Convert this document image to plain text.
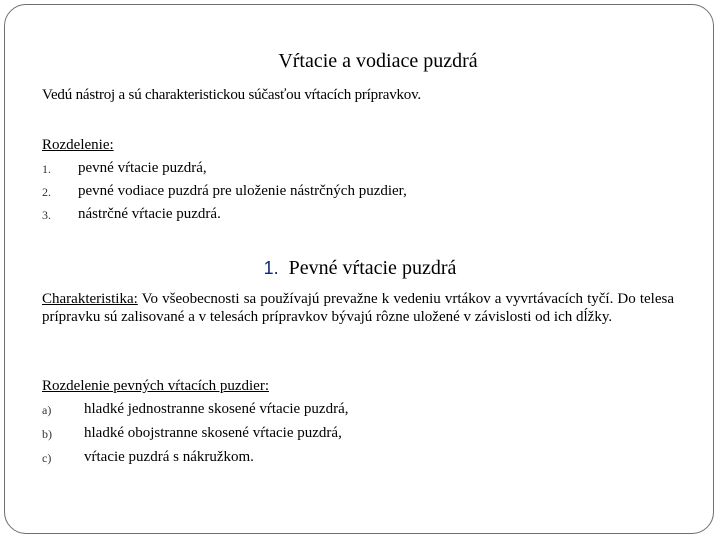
Vŕtacie a vodiace puzdrá
Vedú nástroj a sú charakteristickou súčasťou vŕtacích prípravkov.
Rozdelenie:
1.	pevné vŕtacie puzdrá,
2.	pevné vodiace puzdrá pre uloženie nástrčných puzdier,
3.	nástrčné vŕtacie puzdrá.
1. Pevné vŕtacie puzdrá
Charakteristika: Vo všeobecnosti sa používajú prevažne k vedeniu vrtákov a vyvrtávacích tyčí. Do telesa prípravku sú zalisované a v telesách prípravkov bývajú rôzne uložené v závislosti od ich dĺžky.
Rozdelenie pevných vŕtacích puzdier:
a)	hladké jednostranne skosené vŕtacie puzdrá,
b)	hladké obojstranne skosené vŕtacie puzdrá,
c)	vŕtacie puzdrá s nákružkom.
